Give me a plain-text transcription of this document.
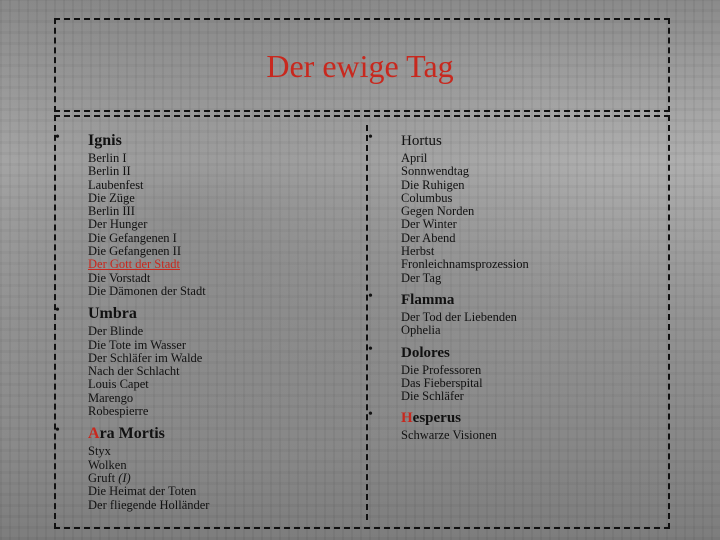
Der ewige Tag
• Ignis
Berlin I
Berlin II
Laubenfest
Die Züge
Berlin III
Der Hunger
Die Gefangenen I
Die Gefangenen II
Der Gott der Stadt
Die Vorstadt
Die Dämonen der Stadt
• Umbra
Der Blinde
Die Tote im Wasser
Der Schläfer im Walde
Nach der Schlacht
Louis Capet
Marengo
Robespierre
• Ara Mortis
Styx
Wolken
Gruft (I)
Die Heimat der Toten
Der fliegende Holländer
• Hortus
April
Sonnwendtag
Die Ruhigen
Columbus
Gegen Norden
Der Winter
Der Abend
Herbst
Fronleichnamsprozession
Der Tag
• Flamma
Der Tod der Liebenden
Ophelia
• Dolores
Die Professoren
Das Fieberspital
Die Schläfer
• Hesperus
Schwarze Visionen
